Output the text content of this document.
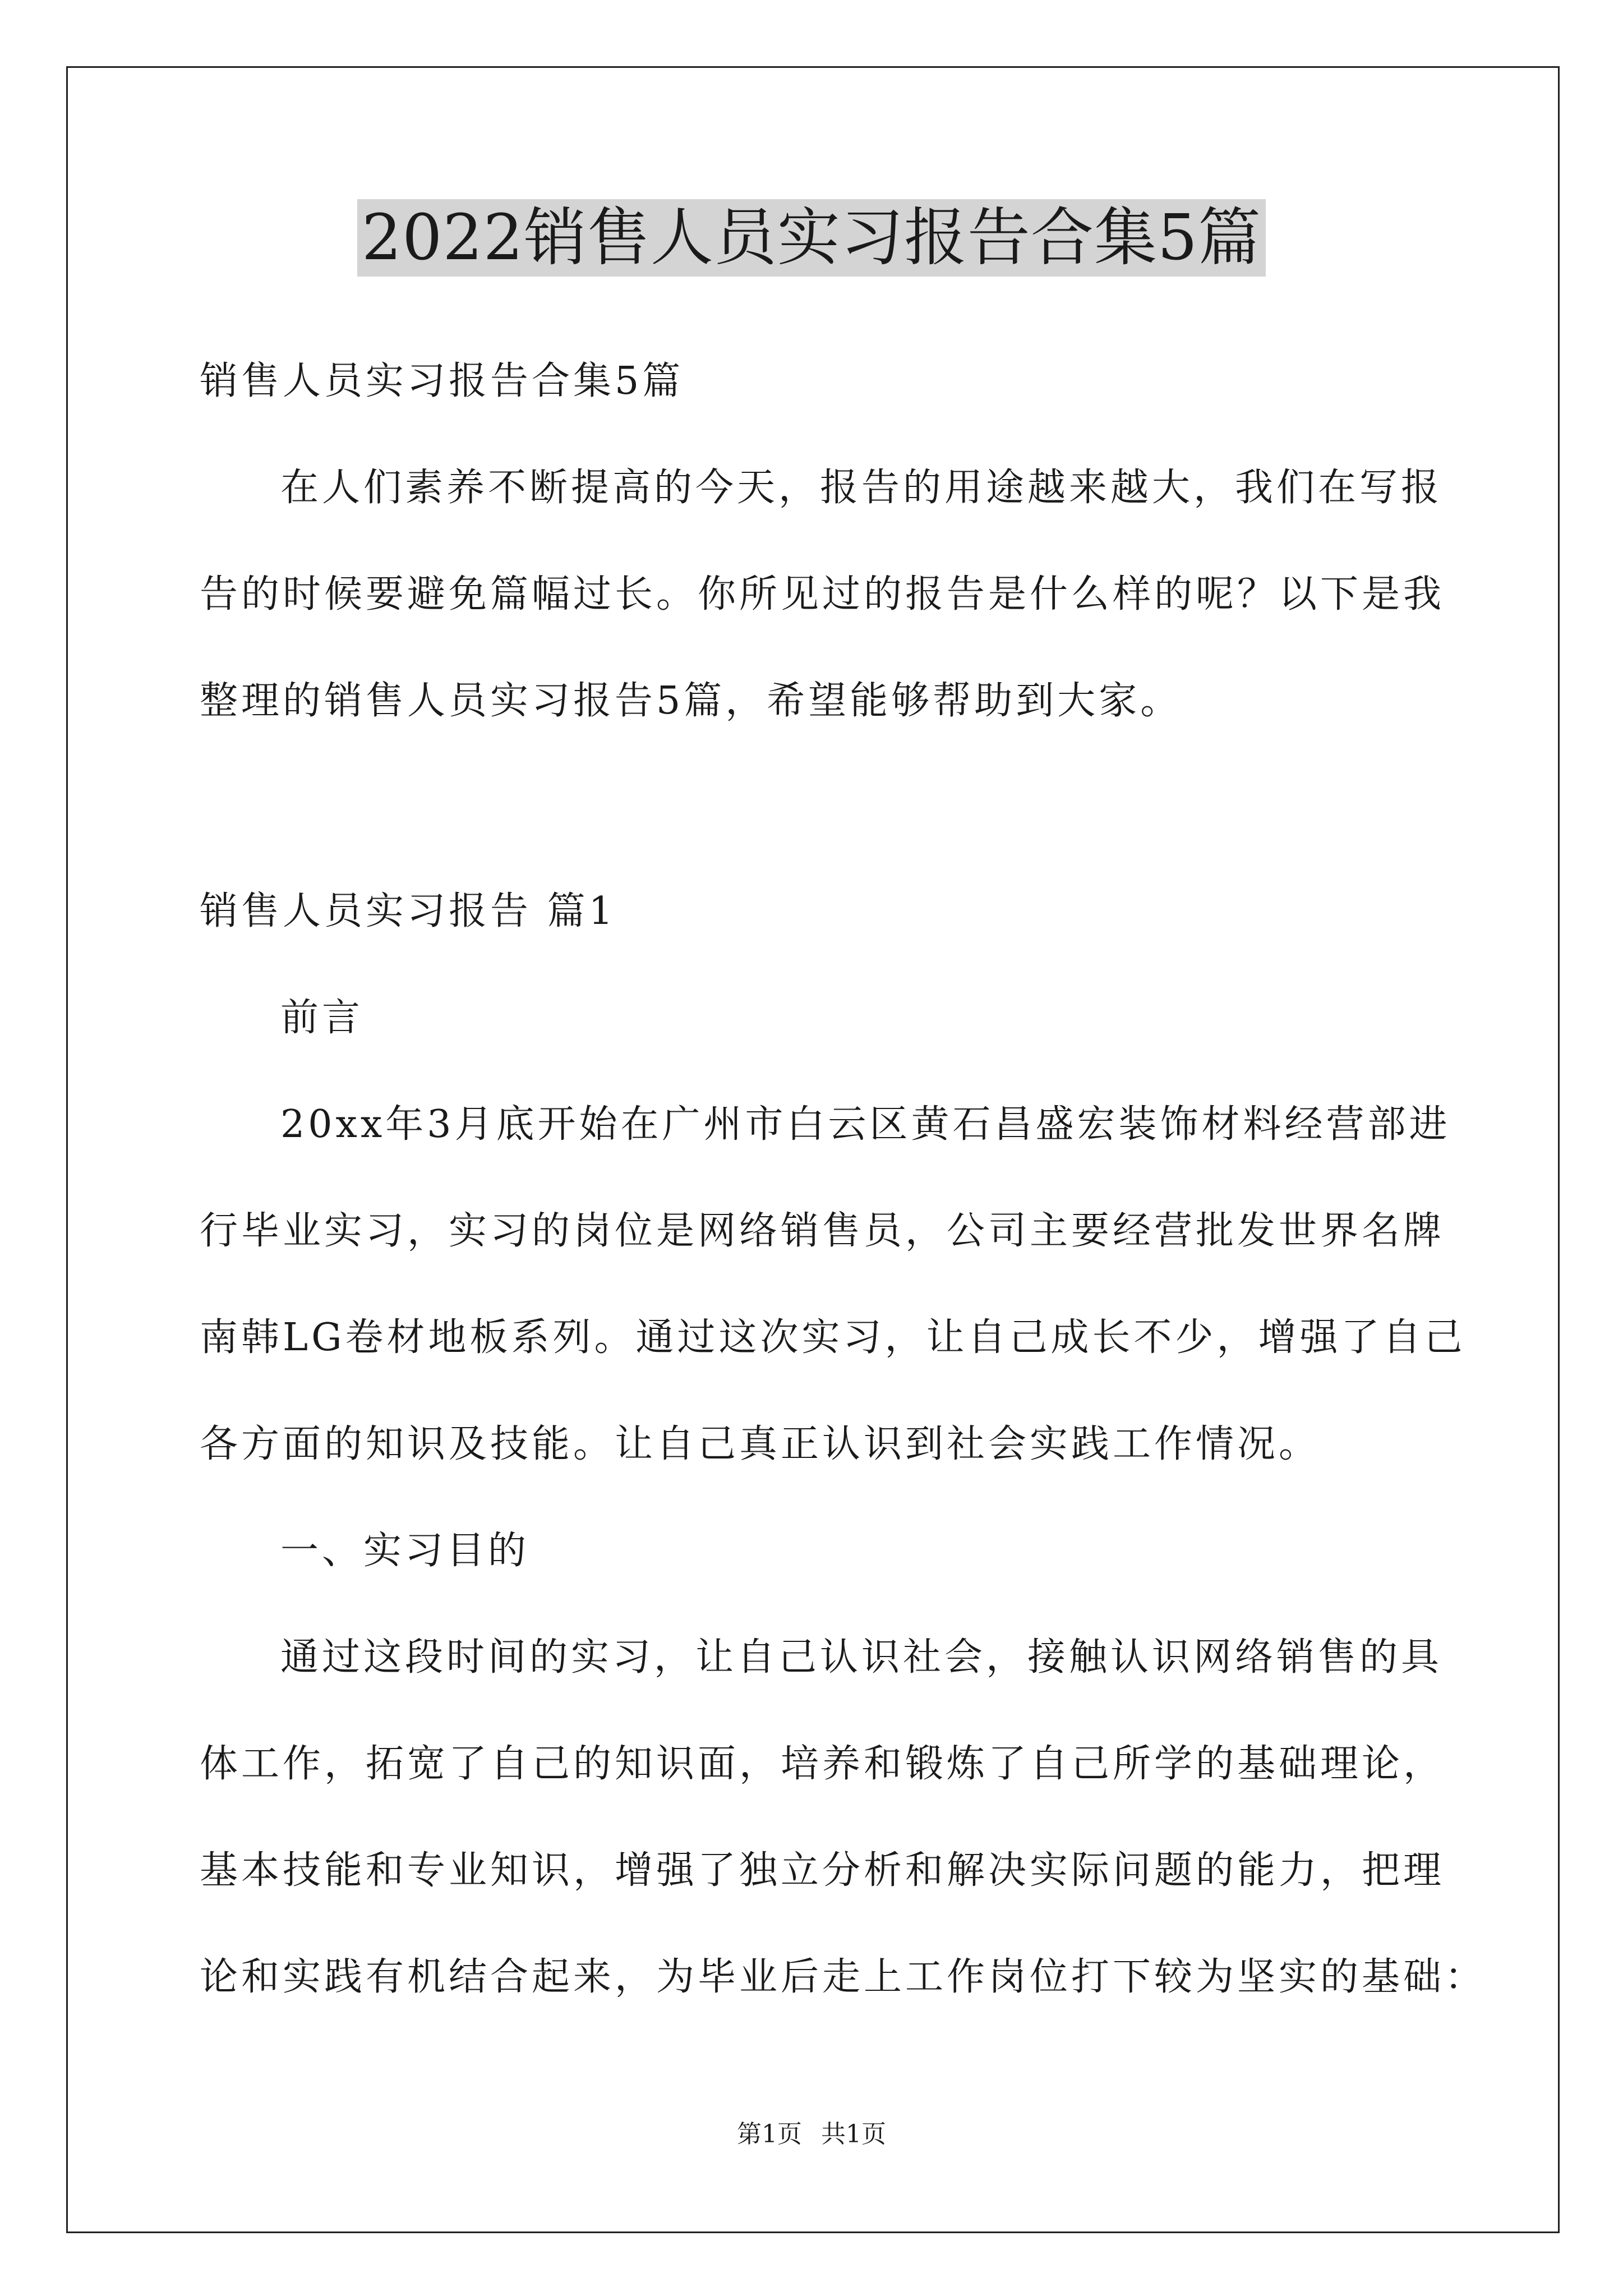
2022销售人员实习报告合集5篇
销售人员实习报告合集5篇
在人们素养不断提高的今天，报告的用途越来越大，我们在写报
告的时候要避免篇幅过长。你所见过的报告是什么样的呢？以下是我
整理的销售人员实习报告5篇，希望能够帮助到大家。
销售人员实习报告 篇1
前言
20xx年3月底开始在广州市白云区黄石昌盛宏装饰材料经营部进
行毕业实习，实习的岗位是网络销售员，公司主要经营批发世界名牌
南韩LG卷材地板系列。通过这次实习，让自己成长不少，增强了自己
各方面的知识及技能。让自己真正认识到社会实践工作情况。
一、实习目的
通过这段时间的实习，让自己认识社会，接触认识网络销售的具
体工作，拓宽了自己的知识面，培养和锻炼了自己所学的基础理论，
基本技能和专业知识，增强了独立分析和解决实际问题的能力，把理
论和实践有机结合起来，为毕业后走上工作岗位打下较为坚实的基础：
第1页 共1页
